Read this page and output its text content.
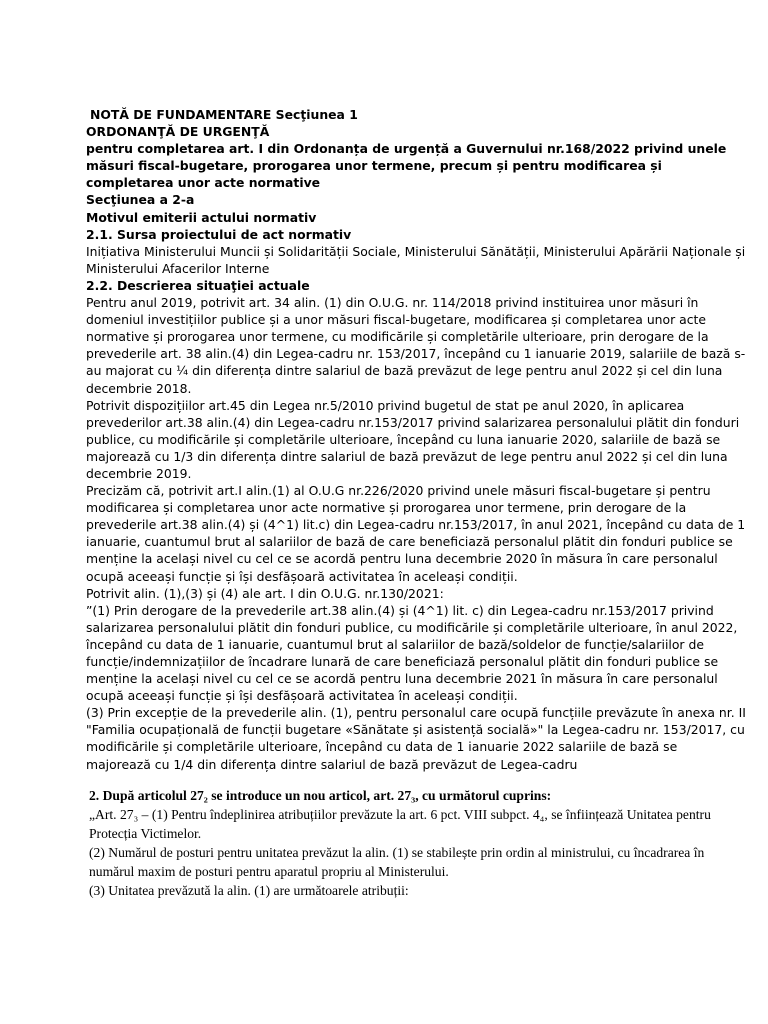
NOTĂ DE FUNDAMENTARE Secţiunea 1

ORDONANŢĂ DE URGENŢĂ

pentru completarea art. I din Ordonanța de urgență a Guvernului nr.168/2022 privind unele măsuri fiscal-bugetare, prorogarea unor termene, precum și pentru modificarea și completarea unor acte normative

Secţiunea a 2-a

Motivul emiterii actului normativ

2.1. Sursa proiectului de act normativ

Inițiativa Ministerului Muncii și Solidarității Sociale, Ministerului Sănătății, Ministerului Apărării Naționale și Ministerului Afacerilor Interne

2.2. Descrierea situaţiei actuale

Pentru anul 2019, potrivit art. 34 alin. (1) din O.U.G. nr. 114/2018 privind instituirea unor măsuri în domeniul investițiilor publice și a unor măsuri fiscal-bugetare, modificarea și completarea unor acte normative și prorogarea unor termene, cu modificările și completările ulterioare, prin derogare de la prevederile art. 38 alin.(4) din Legea-cadru nr. 153/2017, începând cu 1 ianuarie 2019, salariile de bază s-au majorat cu ¼ din diferența dintre salariul de bază prevăzut de lege pentru anul 2022 și cel din luna decembrie 2018.

Potrivit dispozițiilor art.45 din Legea nr.5/2010 privind bugetul de stat pe anul 2020, în aplicarea prevederilor art.38 alin.(4) din Legea-cadru nr.153/2017 privind salarizarea personalului plătit din fonduri publice, cu modificările și completările ulterioare, începând cu luna ianuarie 2020, salariile de bază se majorează cu 1/3 din diferența dintre salariul de bază prevăzut de lege pentru anul 2022 și cel din luna decembrie 2019.

Precizăm că, potrivit art.I alin.(1) al O.U.G nr.226/2020 privind unele măsuri fiscal-bugetare și pentru modificarea și completarea unor acte normative și prorogarea unor termene, prin derogare de la prevederile art.38 alin.(4) și (4^1) lit.c) din Legea-cadru nr.153/2017, în anul 2021, începând cu data de 1 ianuarie, cuantumul brut al salariilor de bază de care beneficiază personalul plătit din fonduri publice se menține la același nivel cu cel ce se acordă pentru luna decembrie 2020 în măsura în care personalul ocupă aceeași funcție și își desfășoară activitatea în aceleași condiții.

Potrivit alin. (1),(3) și (4) ale art. I din O.U.G. nr.130/2021:

”(1) Prin derogare de la prevederile art.38 alin.(4) și (4^1) lit. c) din Legea-cadru nr.153/2017 privind salarizarea personalului plătit din fonduri publice, cu modificările și completările ulterioare, în anul 2022, începând cu data de 1 ianuarie, cuantumul brut al salariilor de bază/soldelor de funcție/salariilor de funcție/indemnizațiilor de încadrare lunară de care beneficiază personalul plătit din fonduri publice se menține la același nivel cu cel ce se acordă pentru luna decembrie 2021 în măsura în care personalul ocupă aceeași funcție și își desfășoară activitatea în aceleași condiții.

(3) Prin excepție de la prevederile alin. (1), pentru personalul care ocupă funcțiile prevăzute în anexa nr. II "Familia ocupațională de funcții bugetare «Sănătate și asistență socială»" la Legea-cadru nr. 153/2017, cu modificările și completările ulterioare, începând cu data de 1 ianuarie 2022 salariile de bază se majorează cu 1/4 din diferența dintre salariul de bază prevăzut de Legea-cadru

2. După articolul 27₂ se introduce un nou articol, art. 27₃, cu următorul cuprins:

„Art. 27₃ – (1) Pentru îndeplinirea atribuțiilor prevăzute la art. 6 pct. VIII subpct. 4₄, se înființează Unitatea pentru Protecția Victimelor.

(2) Numărul de posturi pentru unitatea prevăzut la alin. (1) se stabilește prin ordin al ministrului, cu încadrarea în numărul maxim de posturi pentru aparatul propriu al Ministerului.

(3) Unitatea prevăzută la alin. (1) are următoarele atribuții:
